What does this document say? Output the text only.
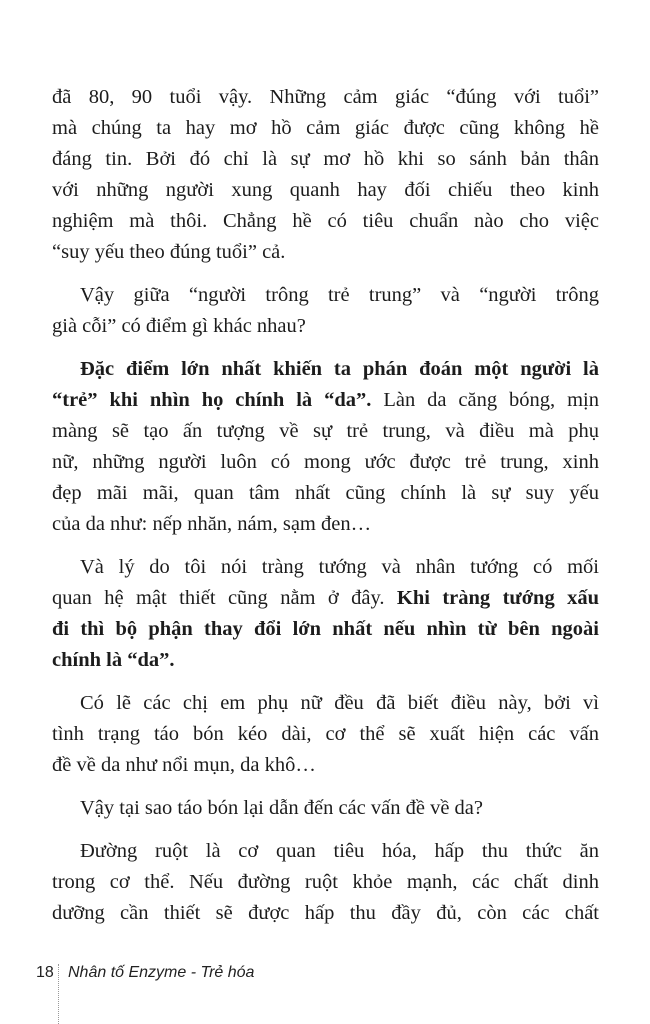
đã 80, 90 tuổi vậy. Những cảm giác “đúng với tuổi”
mà chúng ta hay mơ hồ cảm giác được cũng không hề
đáng tin. Bởi đó chỉ là sự mơ hồ khi so sánh bản thân
với những người xung quanh hay đối chiếu theo kinh
nghiệm mà thôi. Chẳng hề có tiêu chuẩn nào cho việc
“suy yếu theo đúng tuổi” cả.
Vậy giữa “người trông trẻ trung” và “người trông
già cỗi” có điểm gì khác nhau?
Đặc điểm lớn nhất khiến ta phán đoán một người là
“trẻ” khi nhìn họ chính là “da”. Làn da căng bóng, mịn
màng sẽ tạo ấn tượng về sự trẻ trung, và điều mà phụ
nữ, những người luôn có mong ước được trẻ trung, xinh
đẹp mãi mãi, quan tâm nhất cũng chính là sự suy yếu
của da như: nếp nhăn, nám, sạm đen…
Và lý do tôi nói tràng tướng và nhân tướng có mối
quan hệ mật thiết cũng nằm ở đây. Khi tràng tướng xấu
đi thì bộ phận thay đổi lớn nhất nếu nhìn từ bên ngoài
chính là “da”.
Có lẽ các chị em phụ nữ đều đã biết điều này, bởi vì
tình trạng táo bón kéo dài, cơ thể sẽ xuất hiện các vấn
đề về da như nổi mụn, da khô…
Vậy tại sao táo bón lại dẫn đến các vấn đề về da?
Đường ruột là cơ quan tiêu hóa, hấp thu thức ăn
trong cơ thể. Nếu đường ruột khỏe mạnh, các chất dinh
dưỡng cần thiết sẽ được hấp thu đầy đủ, còn các chất
18 Nhân tố Enzyme - Trẻ hóa
